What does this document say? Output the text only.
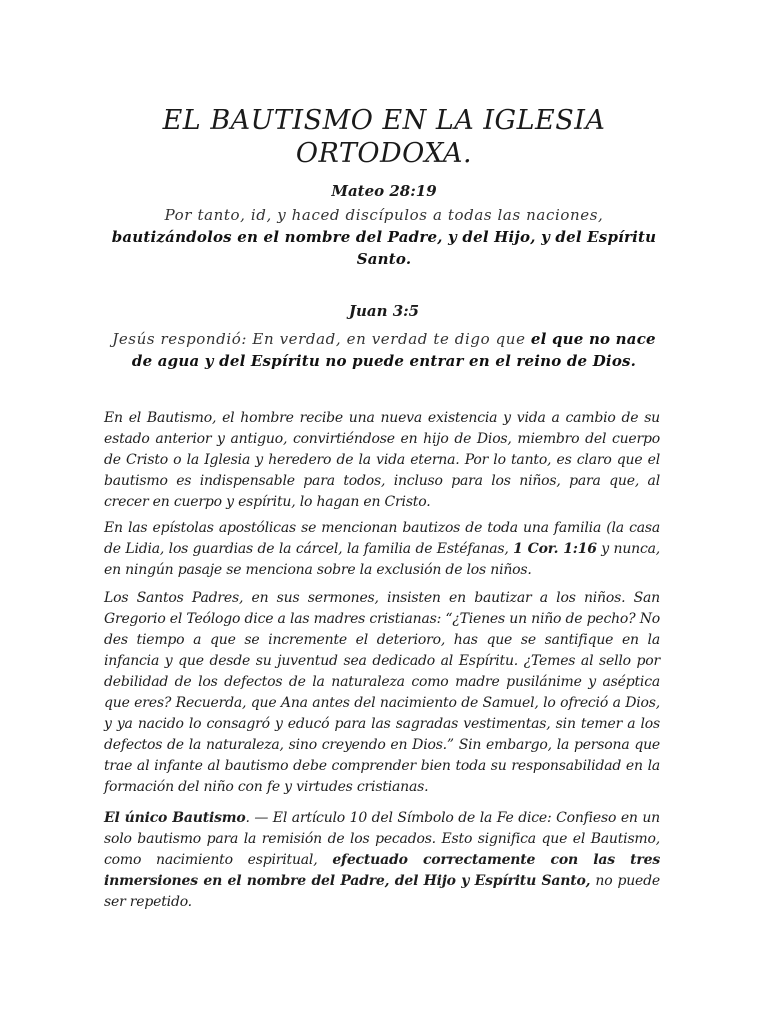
EL BAUTISMO EN LA IGLESIA
ORTODOXA.
Mateo 28:19

Por tanto, id, y haced discípulos a todas las naciones, bautizándolos en el nombre del Padre, y del Hijo, y del Espíritu Santo.

Juan 3:5

Jesús respondió: En verdad, en verdad te digo que el que no nace de agua y del Espíritu no puede entrar en el reino de Dios.

En el Bautismo, el hombre recibe una nueva existencia y vida a cambio de su estado anterior y antiguo, convirtiéndose en hijo de Dios, miembro del cuerpo de Cristo o la Iglesia y heredero de la vida eterna. Por lo tanto, es claro que el bautismo es indispensable para todos, incluso para los niños, para que, al crecer en cuerpo y espíritu, lo hagan en Cristo.

En las epístolas apostólicas se mencionan bautizos de toda una familia (la casa de Lidia, los guardias de la cárcel, la familia de Estéfanas, 1 Cor. 1:16 y nunca, en ningún pasaje se menciona sobre la exclusión de los niños.

Los Santos Padres, en sus sermones, insisten en bautizar a los niños. San Gregorio el Teólogo dice a las madres cristianas: “¿Tienes un niño de pecho? No des tiempo a que se incremente el deterioro, has que se santifique en la infancia y que desde su juventud sea dedicado al Espíritu. ¿Temes al sello por debilidad de los defectos de la naturaleza como madre pusilánime y aséptica que eres? Recuerda, que Ana antes del nacimiento de Samuel, lo ofreció a Dios, y ya nacido lo consagró y educó para las sagradas vestimentas, sin temer a los defectos de la naturaleza, sino creyendo en Dios.” Sin embargo, la persona que trae al infante al bautismo debe comprender bien toda su responsabilidad en la formación del niño con fe y virtudes cristianas.

El único Bautismo. — El artículo 10 del Símbolo de la Fe dice: Confieso en un solo bautismo para la remisión de los pecados. Esto significa que el Bautismo, como nacimiento espiritual, efectuado correctamente con las tres inmersiones en el nombre del Padre, del Hijo y Espíritu Santo, no puede ser repetido.
